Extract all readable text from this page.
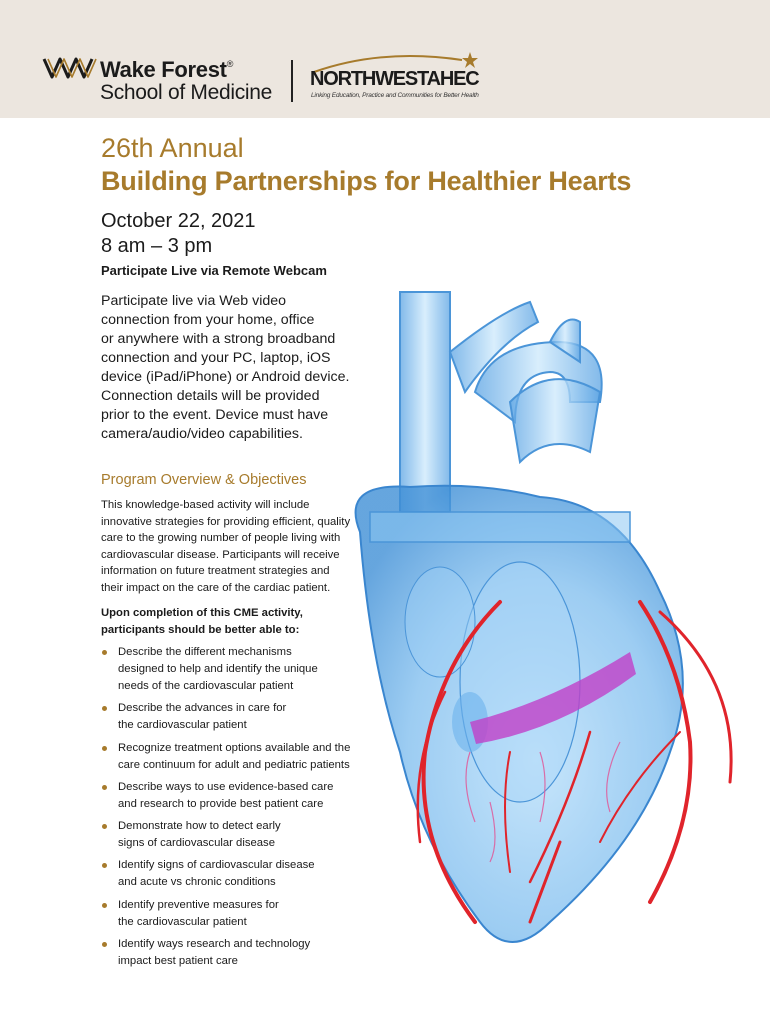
Wake Forest®
School of Medicine
NORTHWESTAHEC
Linking Education, Practice and Communities for Better Health
26th Annual
Building Partnerships for Healthier Hearts
October 22, 2021
8 am – 3 pm
Participate Live via Remote Webcam
Participate live via Web video
connection from your home, office
or anywhere with a strong broadband
connection and your PC, laptop, iOS
device (iPad/iPhone) or Android device.
Connection details will be provided
prior to the event. Device must have
camera/audio/video capabilities.
Program Overview & Objectives
This knowledge-based activity will include
innovative strategies for providing efficient, quality
care to the growing number of people living with
cardiovascular disease. Participants will receive
information on future treatment strategies and
their impact on the care of the cardiac patient.
Upon completion of this CME activity,
participants should be better able to:
Describe the different mechanisms
designed to help and identify the unique
needs of the cardiovascular patient
Describe the advances in care for
the cardiovascular patient
Recognize treatment options available and the
care continuum for adult and pediatric patients
Describe ways to use evidence-based care
and research to provide best patient care
Demonstrate how to detect early
signs of cardiovascular disease
Identify signs of cardiovascular disease
and acute vs chronic conditions
Identify preventive measures for
the cardiovascular patient
Identify ways research and technology
impact best patient care
